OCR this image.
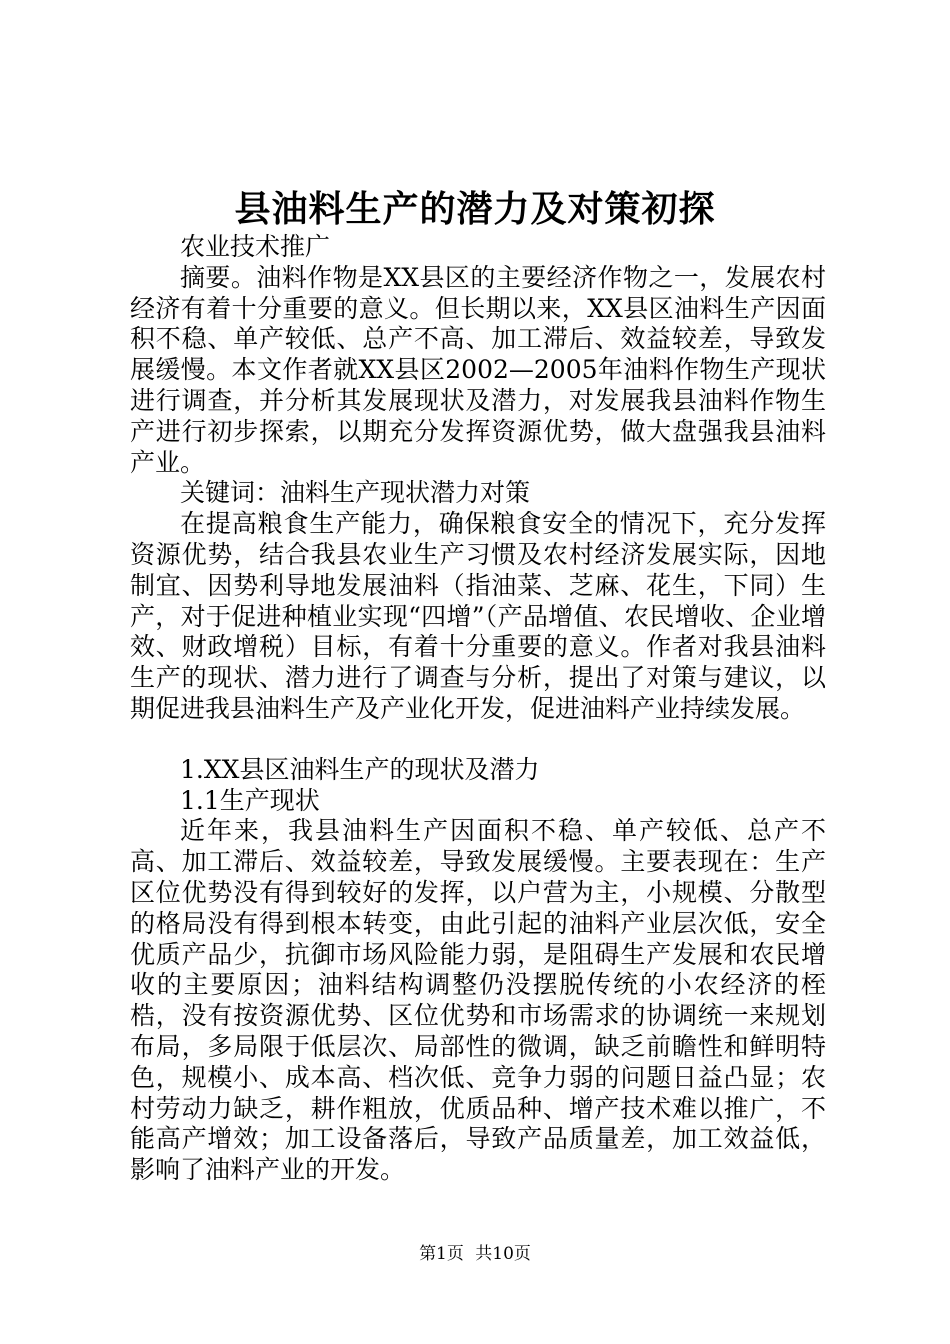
县油料生产的潜力及对策初探

农业技术推广

摘要。油料作物是XX县区的主要经济作物之一，发展农村经济有着十分重要的意义。但长期以来，XX县区油料生产因面积不稳、单产较低、总产不高、加工滞后、效益较差，导致发展缓慢。本文作者就XX县区2002—2005年油料作物生产现状进行调查，并分析其发展现状及潜力，对发展我县油料作物生产进行初步探索，以期充分发挥资源优势，做大盘强我县油料产业。

关键词：油料生产现状潜力对策

在提高粮食生产能力，确保粮食安全的情况下，充分发挥资源优势，结合我县农业生产习惯及农村经济发展实际，因地制宜、因势利导地发展油料（指油菜、芝麻、花生，下同）生产，对于促进种植业实现“四增”（产品增值、农民增收、企业增效、财政增税）目标，有着十分重要的意义。作者对我县油料生产的现状、潜力进行了调查与分析，提出了对策与建议，以期促进我县油料生产及产业化开发，促进油料产业持续发展。

1.XX县区油料生产的现状及潜力

1.1生产现状

近年来，我县油料生产因面积不稳、单产较低、总产不高、加工滞后、效益较差，导致发展缓慢。主要表现在：生产区位优势没有得到较好的发挥，以户营为主，小规模、分散型的格局没有得到根本转变，由此引起的油料产业层次低，安全优质产品少，抗御市场风险能力弱，是阻碍生产发展和农民增收的主要原因；油料结构调整仍没摆脱传统的小农经济的桎梏，没有按资源优势、区位优势和市场需求的协调统一来规划布局，多局限于低层次、局部性的微调，缺乏前瞻性和鲜明特色，规模小、成本高、档次低、竞争力弱的问题日益凸显；农村劳动力缺乏，耕作粗放，优质品种、增产技术难以推广，不能高产增效；加工设备落后，导致产品质量差，加工效益低，影响了油料产业的开发。

第1页 共10页
